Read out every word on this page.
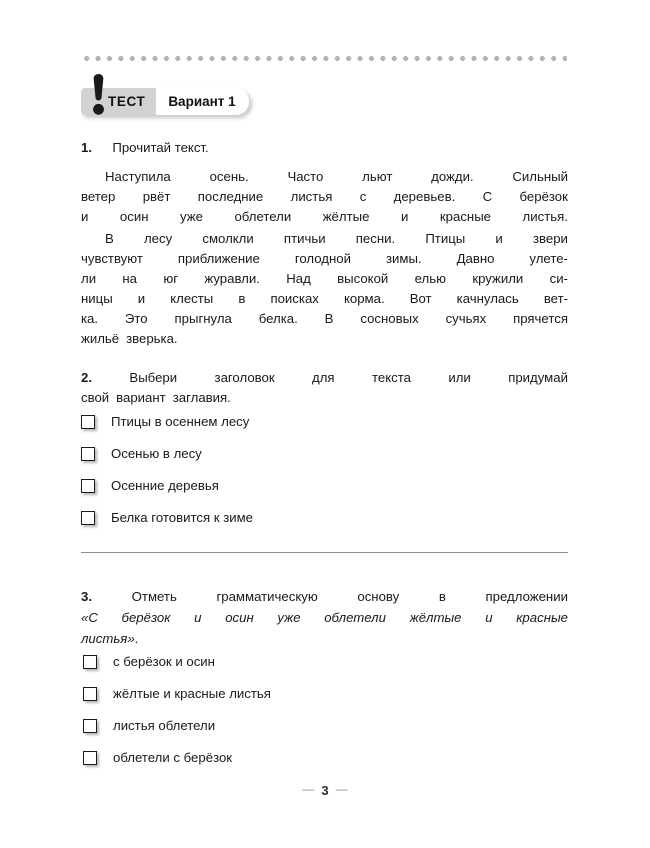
ТЕСТ Вариант 1
1. Прочитай текст.
Наступила	осень.	Часто	льют	дожди.	Сильный
ветер рвёт последние листья с деревьев. С берёзок
и осин уже облетели жёлтые и красные листья.
В лесу смолкли птичьи песни. Птицы и звери
чувствуют	приближение	голодной	зимы.	Давно	улете-
ли на юг журавли. Над высокой елью кружили си-
ницы и клесты в поисках корма. Вот качнулась вет-
ка. Это прыгнула белка. В сосновых сучьях прячется
жильё зверька.
2.	Выбери	заголовок	для	текста	или	придумай
свой вариант заглавия.
Птицы в осеннем лесу
Осенью в лесу
Осенние деревья
Белка готовится к зиме
3.	Отметь	грамматическую	основу	в	предложении
«С берёзок и осин уже облетели жёлтые и красные
листья» .
с берёзок и осин
жёлтые и красные листья
листья облетели
облетели с берёзок
— 3 —
